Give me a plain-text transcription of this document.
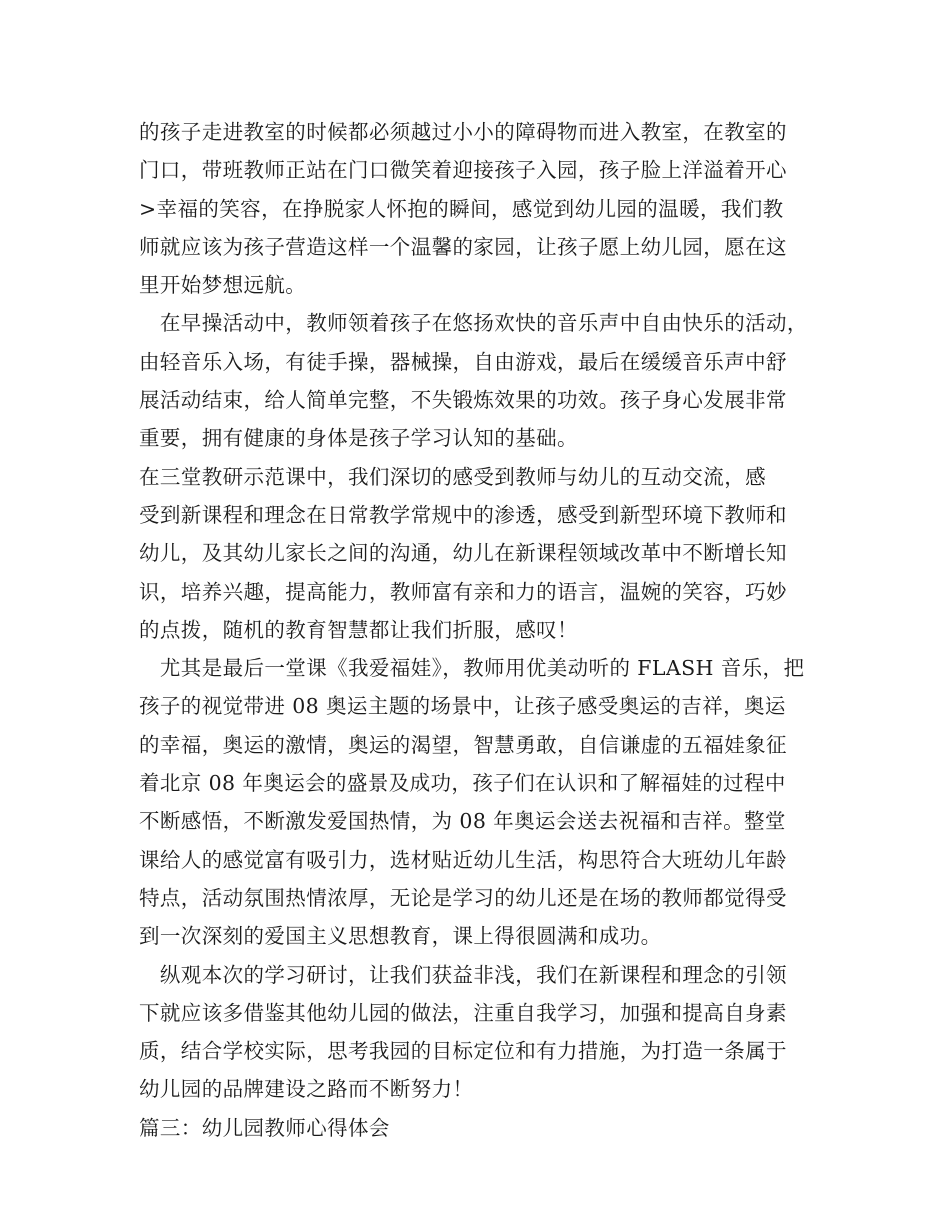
的孩子走进教室的时候都必须越过小小的障碍物而进入教室，在教室的
门口，带班教师正站在门口微笑着迎接孩子入园，孩子脸上洋溢着开心
>幸福的笑容，在挣脱家人怀抱的瞬间，感觉到幼儿园的温暖，我们教
师就应该为孩子营造这样一个温馨的家园，让孩子愿上幼儿园，愿在这
里开始梦想远航。
　在早操活动中，教师领着孩子在悠扬欢快的音乐声中自由快乐的活动，
由轻音乐入场，有徒手操，器械操，自由游戏，最后在缓缓音乐声中舒
展活动结束，给人简单完整，不失锻炼效果的功效。孩子身心发展非常
重要，拥有健康的身体是孩子学习认知的基础。
在三堂教研示范课中，我们深切的感受到教师与幼儿的互动交流，感
受到新课程和理念在日常教学常规中的渗透，感受到新型环境下教师和
幼儿，及其幼儿家长之间的沟通，幼儿在新课程领域改革中不断增长知
识，培养兴趣，提高能力，教师富有亲和力的语言，温婉的笑容，巧妙
的点拨，随机的教育智慧都让我们折服，感叹！
　尤其是最后一堂课《我爱福娃》，教师用优美动听的 FLASH 音乐，把
孩子的视觉带进 08 奥运主题的场景中，让孩子感受奥运的吉祥，奥运
的幸福，奥运的激情，奥运的渴望，智慧勇敢，自信谦虚的五福娃象征
着北京 08 年奥运会的盛景及成功，孩子们在认识和了解福娃的过程中
不断感悟，不断激发爱国热情，为 08 年奥运会送去祝福和吉祥。整堂
课给人的感觉富有吸引力，选材贴近幼儿生活，构思符合大班幼儿年龄
特点，活动氛围热情浓厚，无论是学习的幼儿还是在场的教师都觉得受
到一次深刻的爱国主义思想教育，课上得很圆满和成功。
　纵观本次的学习研讨，让我们获益非浅，我们在新课程和理念的引领
下就应该多借鉴其他幼儿园的做法，注重自我学习，加强和提高自身素
质，结合学校实际，思考我园的目标定位和有力措施，为打造一条属于
幼儿园的品牌建设之路而不断努力！
篇三：幼儿园教师心得体会
